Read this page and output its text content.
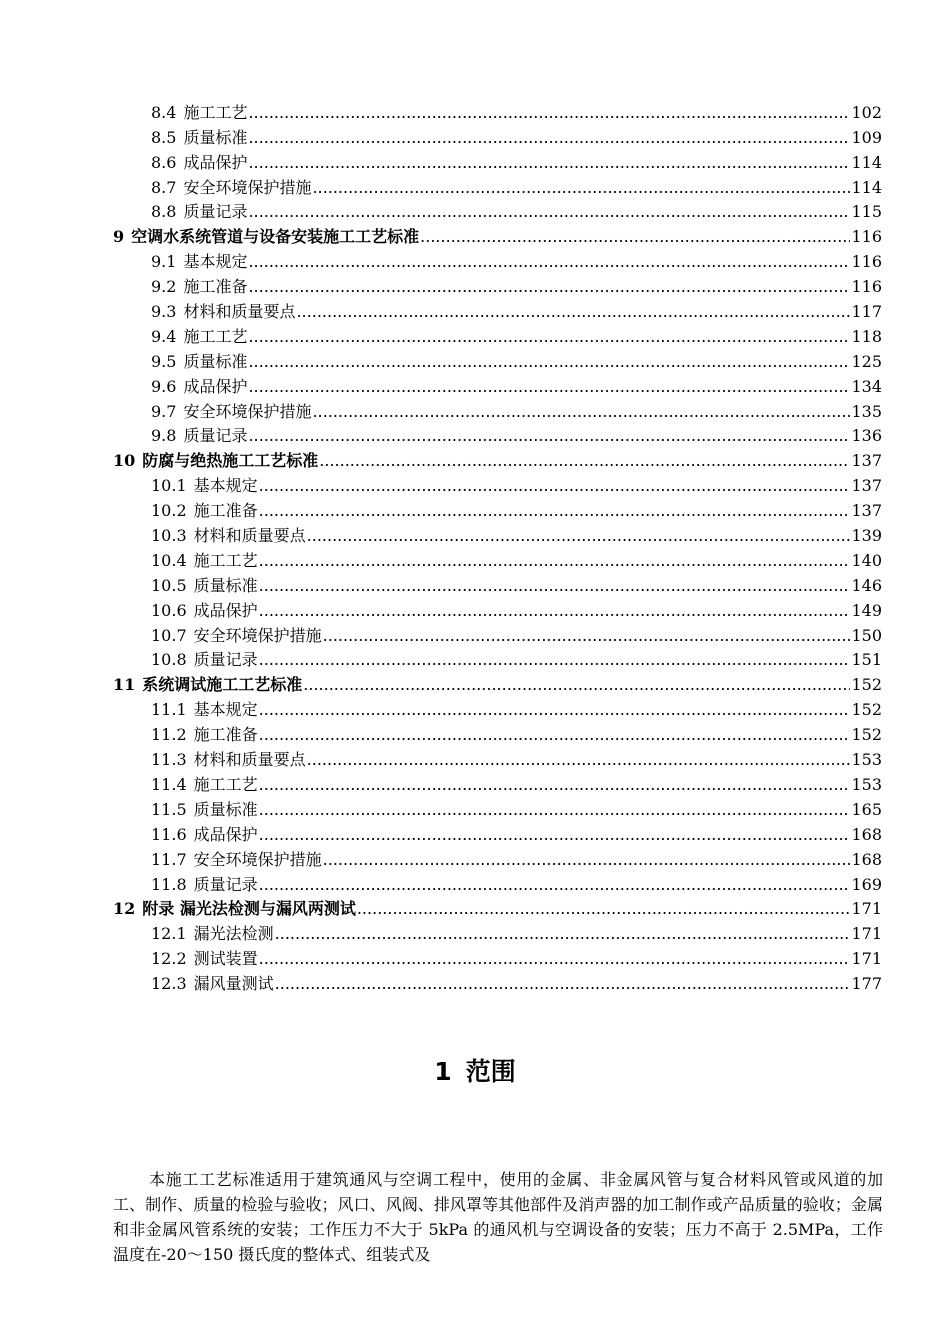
8.4 施工工艺 .....	102
8.5 质量标准 .....	109
8.6 成品保护 .....	114
8.7 安全环境保护措施 .....	114
8.8 质量记录 .....	115
9 空调水系统管道与设备安装施工工艺标准 .....	116
9.1 基本规定 .....	116
9.2 施工准备 .....	116
9.3 材料和质量要点 .....	117
9.4 施工工艺 .....	118
9.5 质量标准 .....	125
9.6 成品保护 .....	134
9.7 安全环境保护措施 .....	135
9.8 质量记录 .....	136
10 防腐与绝热施工工艺标准 .....	137
10.1 基本规定 .....	137
10.2 施工准备 .....	137
10.3 材料和质量要点 .....	139
10.4 施工工艺 .....	140
10.5 质量标准 .....	146
10.6 成品保护 .....	149
10.7 安全环境保护措施 .....	150
10.8 质量记录 .....	151
11 系统调试施工工艺标准 .....	152
11.1 基本规定 .....	152
11.2 施工准备 .....	152
11.3 材料和质量要点 .....	153
11.4 施工工艺 .....	153
11.5 质量标准 .....	165
11.6 成品保护 .....	168
11.7 安全环境保护措施 .....	168
11.8 质量记录 .....	169
12 附录 漏光法检测与漏风两测试 .....	171
12.1 漏光法检测 .....	171
12.2 测试装置 .....	171
12.3 漏风量测试 .....	177
1 范围

本施工工艺标准适用于建筑通风与空调工程中，使用的金属、非金属风管与复合材料风管或风道的加工、制作、质量的检验与验收；风口、风阀、排风罩等其他部件及消声器的加工制作或产品质量的验收；金属和非金属风管系统的安装；工作压力不大于 5kPa 的通风机与空调设备的安装；压力不高于 2.5MPa，工作温度在-20～150 摄氏度的整体式、组装式及
